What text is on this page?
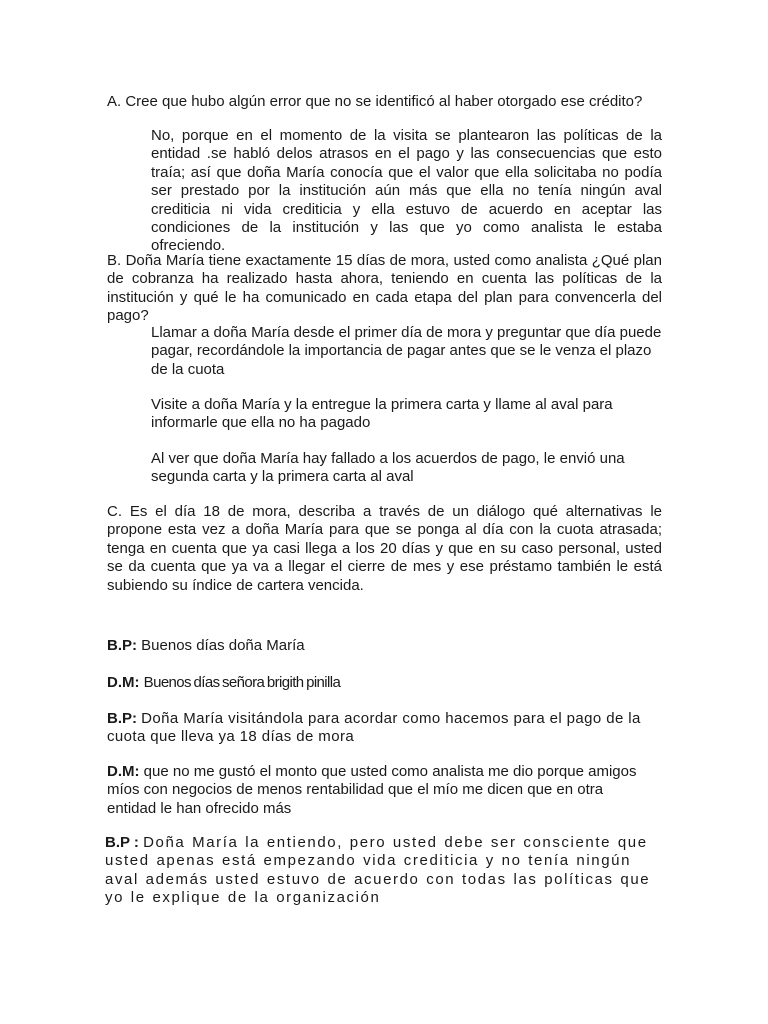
A. Cree que hubo algún error que no se identificó al haber otorgado ese crédito?

No, porque en el momento de la visita se plantearon las políticas de la entidad .se habló delos atrasos en el pago y las consecuencias que esto traía; así que doña María conocía que el valor que ella solicitaba no podía ser prestado por la institución aún más que ella no tenía ningún aval crediticia ni vida crediticia y ella estuvo de acuerdo en aceptar las condiciones de la institución y las que yo como analista le estaba ofreciendo.

B. Doña María tiene exactamente 15 días de mora, usted como analista ¿Qué plan de cobranza ha realizado hasta ahora, teniendo en cuenta las políticas de la institución y qué le ha comunicado en cada etapa del plan para convencerla del pago?

Llamar a doña María desde el primer día de mora y preguntar que día puede pagar, recordándole la importancia de pagar antes que se le venza el plazo de la cuota

Visite a doña María y la entregue la primera carta y llame al aval para informarle que ella no ha pagado

Al ver que doña María hay fallado a los acuerdos de pago, le envió una segunda carta y la primera carta al aval

C. Es el día 18 de mora, describa a través de un diálogo qué alternativas le propone esta vez a doña María para que se ponga al día con la cuota atrasada; tenga en cuenta que ya casi llega a los 20 días y que en su caso personal, usted se da cuenta que ya va a llegar el cierre de mes y ese préstamo también le está subiendo su índice de cartera vencida.

B.P: Buenos días doña María

D.M: Buenos días señora brigith pinilla

B.P: Doña María visitándola para acordar como hacemos para el pago de la cuota que lleva ya 18 días de mora

D.M: que no me gustó el monto que usted como analista me dio porque amigos míos con negocios de menos rentabilidad que el mío me dicen que en otra entidad le han ofrecido más

B.P : Doña María la entiendo, pero usted debe ser consciente que usted apenas está empezando vida crediticia y no tenía ningún aval además usted estuvo de acuerdo con todas las políticas que yo le explique de la organización
